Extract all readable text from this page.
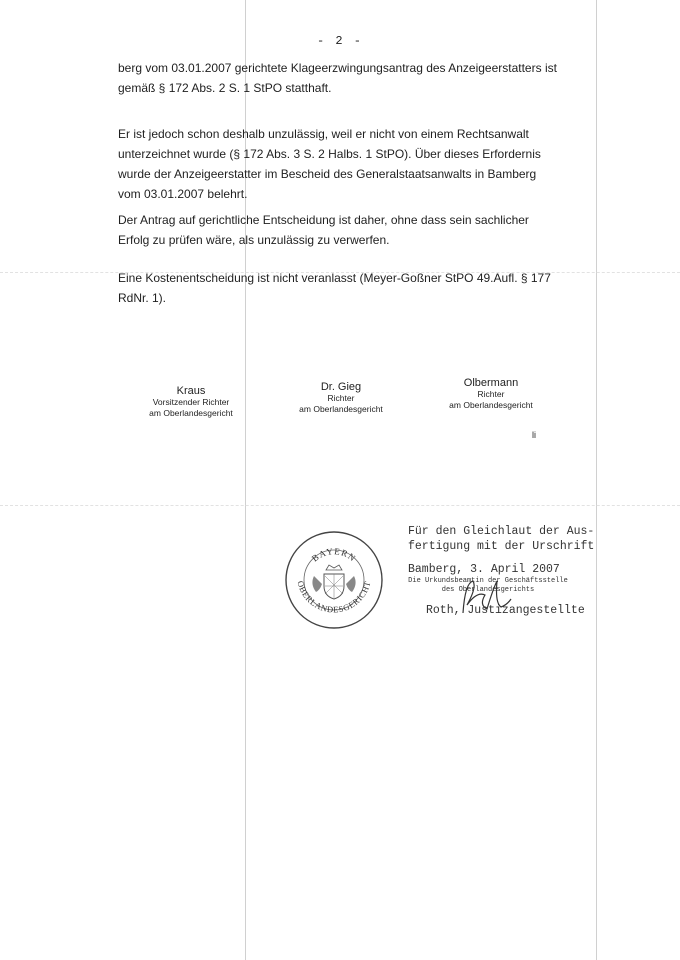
- 2 -

berg vom 03.01.2007 gerichtete Klageerzwingungsantrag des Anzeigeerstatters ist gemäß § 172 Abs. 2 S. 1 StPO statthaft.

Er ist jedoch schon deshalb unzulässig, weil er nicht von einem Rechtsanwalt unterzeichnet wurde (§ 172 Abs. 3 S. 2 Halbs. 1 StPO). Über dieses Erfordernis wurde der Anzeigeerstatter im Bescheid des Generalstaatsanwalts in Bamberg vom 03.01.2007 belehrt.

Der Antrag auf gerichtliche Entscheidung ist daher, ohne dass sein sachlicher Erfolg zu prüfen wäre, als unzulässig zu verwerfen.

Eine Kostenentscheidung ist nicht veranlasst (Meyer-Goßner StPO 49.Aufl. § 177 RdNr. 1).

Kraus
Vorsitzender Richter
am Oberlandesgericht
Dr. Gieg
Richter
am Oberlandesgericht
Olbermann
Richter
am Oberlandesgericht
li
BAYERN
OBERLANDESGERICHT
Für den Gleichlaut der Aus-
fertigung mit der Urschrift
Bamberg, 3. April 2007
Die Urkundsbeamtin der Geschäftsstelle
des Oberlandesgerichts
Roth, Justizangestellte
